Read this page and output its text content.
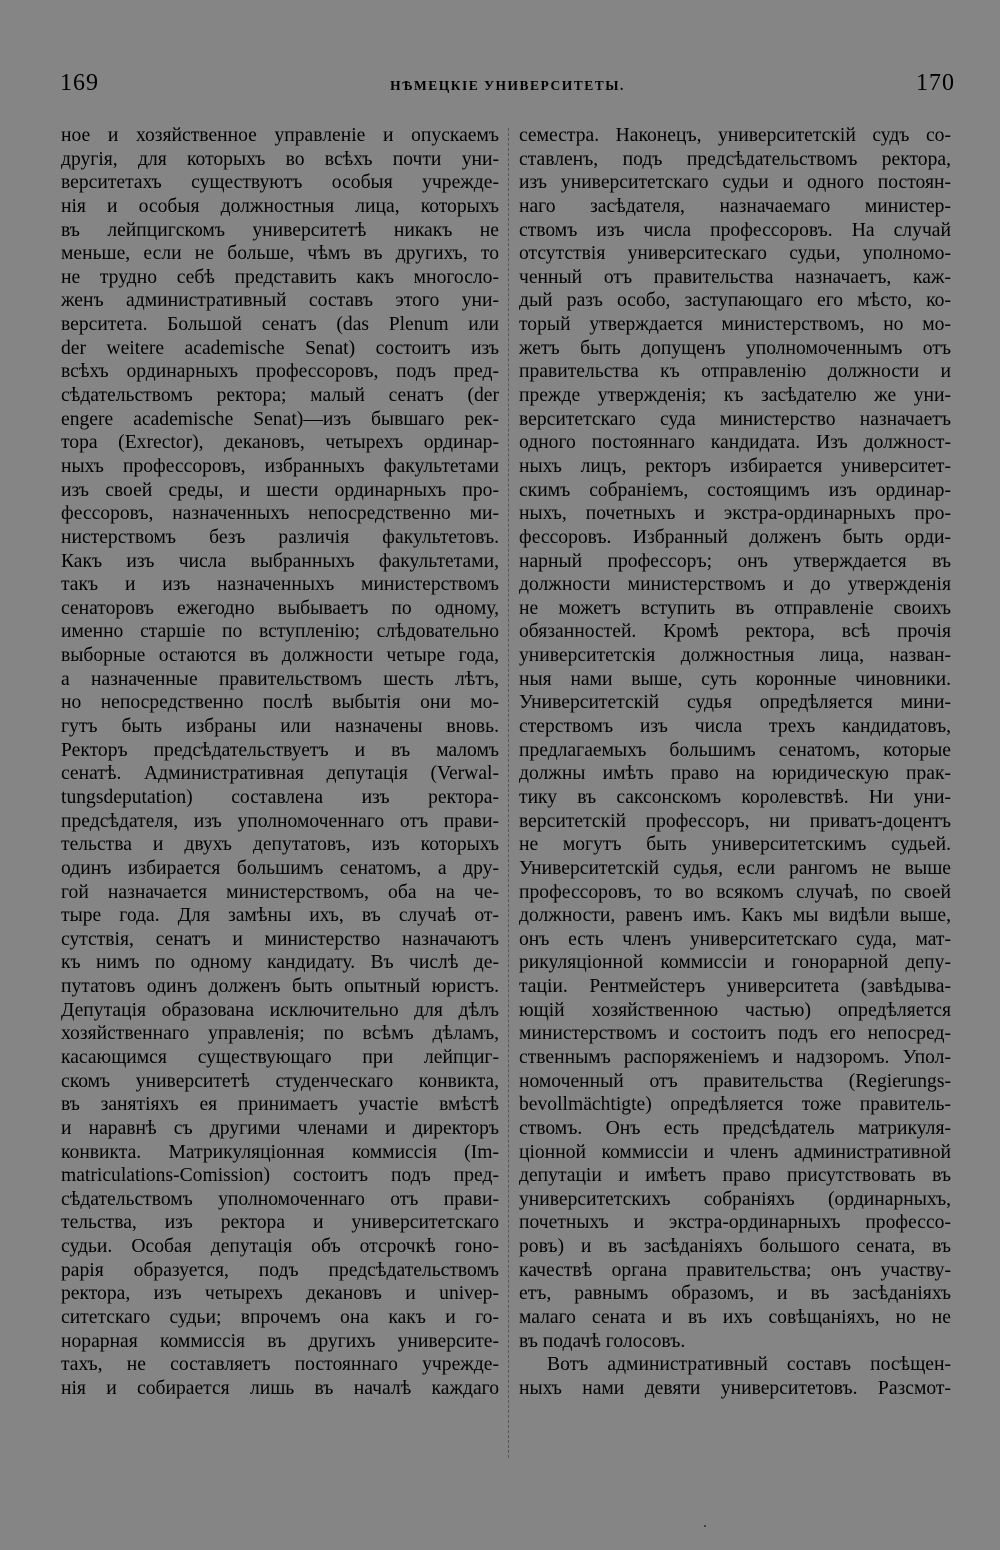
169	НѢМЕЦКІЕ УНИВЕРСИТЕТЫ.	170
ное и хозяйственное управленіе и опускаемъ
другія, для которыхъ во всѣхъ почти уни-
верситетахъ существуютъ особыя учрежде-
нія и особыя должностныя лица, которыхъ
въ лейпцигскомъ университетѣ никакъ не
меньше, если не больше, чѣмъ въ другихъ, то
не трудно себѣ представить какъ многосло-
женъ административный составъ этого уни-
верситета. Большой сенатъ (das Plenum или
der weitere academische Senat) состоитъ изъ
всѣхъ ординарныхъ профессоровъ, подъ пред-
сѣдательствомъ ректора; малый сенатъ (der
engere academische Senat)—изъ бывшаго рек-
тора (Exrector), декановъ, четырехъ ординар-
ныхъ профессоровъ, избранныхъ факультетами
изъ своей среды, и шести ординарныхъ про-
фессоровъ, назначенныхъ непосредственно ми-
нистерствомъ безъ различія факультетовъ.
Какъ изъ числа выбранныхъ факультетами,
такъ и изъ назначенныхъ министерствомъ
сенаторовъ ежегодно выбываетъ по одному,
именно старшіе по вступленію; слѣдовательно
выборные остаются въ должности четыре года,
а назначенные правительствомъ шесть лѣтъ,
но непосредственно послѣ выбытія они мо-
гутъ быть избраны или назначены вновь.
Ректоръ предсѣдательствуетъ и въ маломъ
сенатѣ. Административная депутація (Verwal-
tungsdeputation) составлена изъ ректора-
предсѣдателя, изъ уполномоченнаго отъ прави-
тельства и двухъ депутатовъ, изъ которыхъ
одинъ избирается большимъ сенатомъ, а дру-
гой назначается министерствомъ, оба на че-
тыре года. Для замѣны ихъ, въ случаѣ от-
сутствія, сенатъ и министерство назначаютъ
къ нимъ по одному кандидату. Въ числѣ де-
путатовъ одинъ долженъ быть опытный юристъ.
Депутація образована исключительно для дѣлъ
хозяйственнаго управленія; по всѣмъ дѣламъ,
касающимся существующаго при лейпциг-
скомъ университетѣ студенческаго конвикта,
въ занятіяхъ ея принимаетъ участіе вмѣстѣ
и наравнѣ съ другими членами и директоръ
конвикта. Матрикуляціонная коммиссія (Im-
matriculations-Comission) состоитъ подъ пред-
сѣдательствомъ уполномоченнаго отъ прави-
тельства, изъ ректора и университетскаго
судьи. Особая депутація объ отсрочкѣ гоно-
рарія образуется, подъ предсѣдательствомъ
ректора, изъ четырехъ декановъ и univер-
ситетскаго судьи; впрочемъ она какъ и го-
норарная коммиссія въ другихъ университе-
тахъ, не составляетъ постояннаго учрежде-
нія и собирается лишь въ началѣ каждаго
семестра. Наконецъ, университетскій судъ со-
ставленъ, подъ предсѣдательствомъ ректора,
изъ университетскаго судьи и одного постоян-
наго засѣдателя, назначаемаго министер-
ствомъ изъ числа профессоровъ. На случай
отсутствія университескаго судьи, уполномо-
ченный отъ правительства назначаетъ, каж-
дый разъ особо, заступающаго его мѣсто, ко-
торый утверждается министерствомъ, но мо-
жетъ быть допущенъ уполномоченнымъ отъ
правительства къ отправленію должности и
прежде утвержденія; къ засѣдателю же уни-
верситетскаго суда министерство назначаетъ
одного постояннаго кандидата. Изъ должност-
ныхъ лицъ, ректоръ избирается университет-
скимъ собраніемъ, состоящимъ изъ ординар-
ныхъ, почетныхъ и экстра-ординарныхъ про-
фессоровъ. Избранный долженъ быть орди-
нарный профессоръ; онъ утверждается въ
должности министерствомъ и до утвержденія
не можетъ вступить въ отправленіе своихъ
обязанностей. Кромѣ ректора, всѣ прочія
университетскія должностныя лица, назван-
ныя нами выше, суть коронные чиновники.
Университетскій судья опредѣляется мини-
стерствомъ изъ числа трехъ кандидатовъ,
предлагаемыхъ большимъ сенатомъ, которые
должны имѣть право на юридическую прак-
тику въ саксонскомъ королевствѣ. Ни уни-
верситетскій профессоръ, ни приватъ-доцентъ
не могутъ быть университетскимъ судьей.
Университетскій судья, если рангомъ не выше
профессоровъ, то во всякомъ случаѣ, по своей
должности, равенъ имъ. Какъ мы видѣли выше,
онъ есть членъ университетскаго суда, мат-
рикуляціонной коммиссіи и гонорарной депу-
таціи. Рентмейстеръ университета (завѣдыва-
ющій хозяйственною частью) опредѣляется
министерствомъ и состоитъ подъ его непосред-
ственнымъ распоряженіемъ и надзоромъ. Упол-
номоченный отъ правительства (Regierungs-
bevollmächtigte) опредѣляется тоже правитель-
ствомъ. Онъ есть предсѣдатель матрикуля-
ціонной коммиссіи и членъ административной
депутаціи и имѣетъ право присутствовать въ
университетскихъ собраніяхъ (ординарныхъ,
почетныхъ и экстра-ординарныхъ профессо-
ровъ) и въ засѣданіяхъ большого сената, въ
качествѣ органа правительства; онъ участву-
етъ, равнымъ образомъ, и въ засѣданіяхъ
малаго сената и въ ихъ совѣщаніяхъ, но не
въ подачѣ голосовъ.
Вотъ административный составъ посѣщен-
ныхъ нами девяти университетовъ. Разсмот-
